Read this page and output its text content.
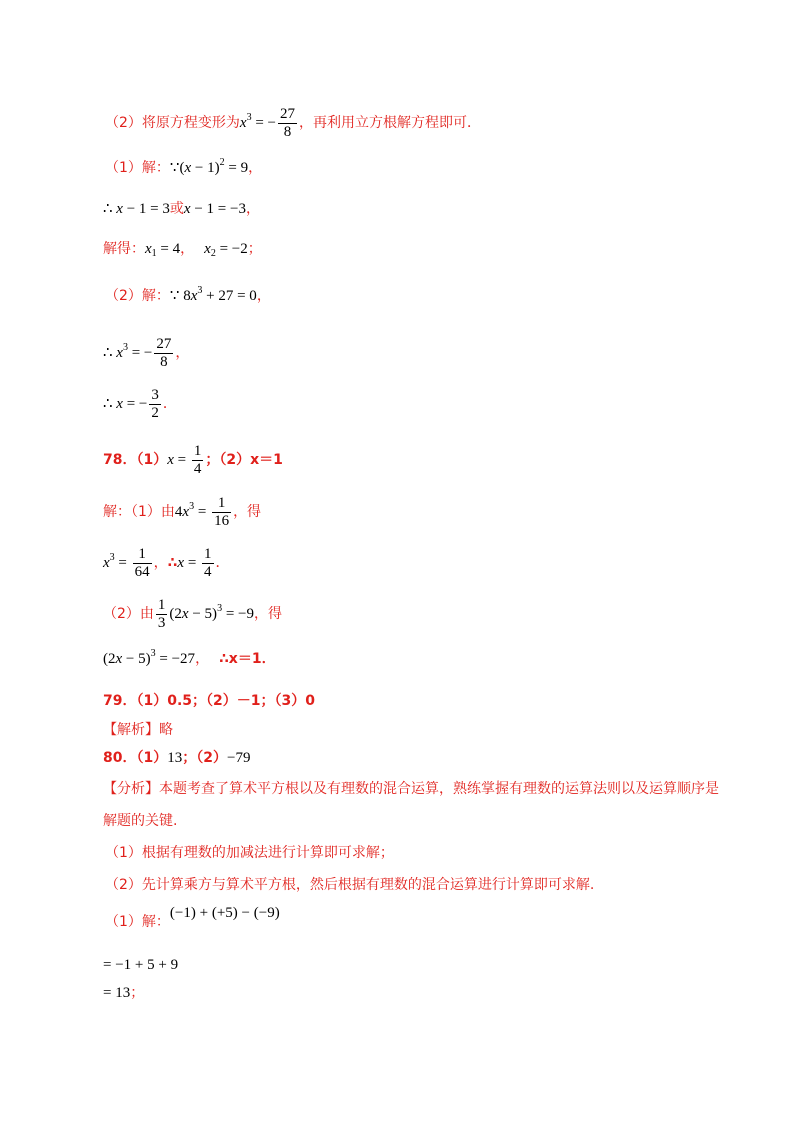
（2）将原方程变形为$x^3$ = − $\frac{27}{8}$ ，再利用立方根解方程即可．
（1）解：∵(x − 1)$^2$ = 9，
∴ x − 1 = 3或x − 1 = −3，
解得：$x_1 = 4$， $x_2 = -2$；
（2）解：∵ $8x^3 + 27 = 0$，
∴ $x^3$ = − $\frac{27}{8}$ ，
∴ x = − $\frac{3}{2}$ ．
78．$(1)x = \frac{1}{4}$ ；（2）x＝1
解：（1）由$4x^3 = \frac{1}{16}$ ，得
$x^3 = \frac{1}{64}$ ，∴x = $\frac{1}{4}$ ．
（2）由 $\frac{1}{3} (2x - 5)^3 = -9$，得
$(2x - 5)^3 = -27$， ∴x＝1．
79．（1）0.5；（2）－1；（3）0
【解析】略
80．（1）13；（2）−79
【分析】本题考查了算术平方根以及有理数的混合运算，熟练掌握有理数的运算法则以及运算顺序是
解题的关键.
（1）根据有理数的加减法进行计算即可求解；
（2）先计算乘方与算术平方根，然后根据有理数的混合运算进行计算即可求解.
（1）解：(−1) + (+5) − (−9)
= −1 + 5 + 9
= 13；
